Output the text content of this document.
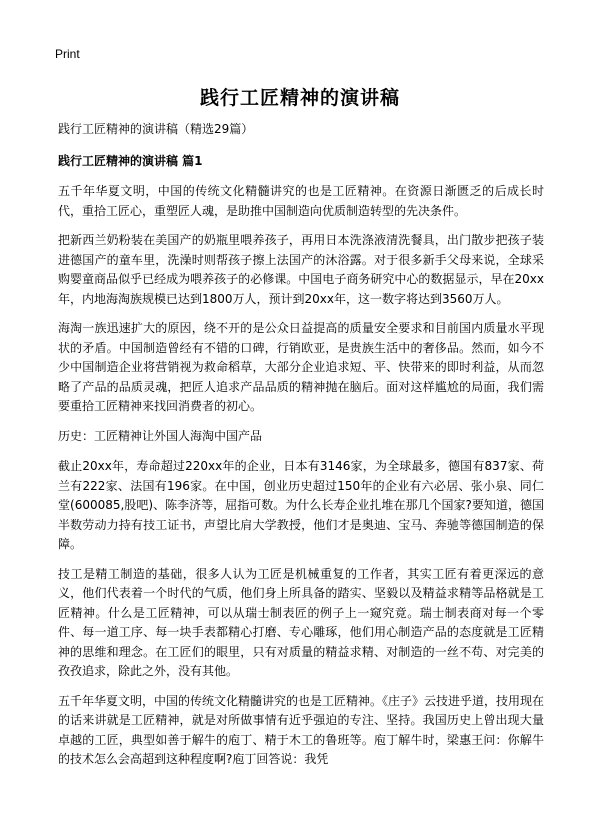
Print
践行工匠精神的演讲稿

践行工匠精神的演讲稿（精选29篇）

践行工匠精神的演讲稿 篇1

五千年华夏文明，中国的传统文化精髓讲究的也是工匠精神。在资源日渐匮乏的后成长时代，重拾工匠心，重塑匠人魂，是助推中国制造向优质制造转型的先决条件。

把新西兰奶粉装在美国产的奶瓶里喂养孩子，再用日本洗涤液清洗餐具，出门散步把孩子装进德国产的童车里，洗澡时则帮孩子擦上法国产的沐浴露。对于很多新手父母来说，全球采购婴童商品似乎已经成为喂养孩子的必修课。中国电子商务研究中心的数据显示，早在20xx年，内地海淘族规模已达到1800万人，预计到20xx年，这一数字将达到3560万人。

海淘一族迅速扩大的原因，绕不开的是公众日益提高的质量安全要求和目前国内质量水平现状的矛盾。中国制造曾经有不错的口碑，行销欧亚，是贵族生活中的奢侈品。然而，如今不少中国制造企业将营销视为救命稻草，大部分企业追求短、平、快带来的即时利益，从而忽略了产品的品质灵魂，把匠人追求产品品质的精神抛在脑后。面对这样尴尬的局面，我们需要重拾工匠精神来找回消费者的初心。

历史：工匠精神让外国人海淘中国产品

截止20xx年，寿命超过220xx年的企业，日本有3146家，为全球最多，德国有837家、荷兰有222家、法国有196家。在中国，创业历史超过150年的企业有六必居、张小泉、同仁堂(600085,股吧)、陈李济等，屈指可数。为什么长寿企业扎堆在那几个国家?要知道，德国半数劳动力持有技工证书，声望比肩大学教授，他们才是奥迪、宝马、奔驰等德国制造的保障。

技工是精工制造的基础，很多人认为工匠是机械重复的工作者，其实工匠有着更深远的意义，他们代表着一个时代的气质，他们身上所具备的踏实、坚毅以及精益求精等品格就是工匠精神。什么是工匠精神，可以从瑞士制表匠的例子上一窥究竟。瑞士制表商对每一个零件、每一道工序、每一块手表都精心打磨、专心雕琢，他们用心制造产品的态度就是工匠精神的思维和理念。在工匠们的眼里，只有对质量的精益求精、对制造的一丝不苟、对完美的孜孜追求，除此之外，没有其他。

五千年华夏文明，中国的传统文化精髓讲究的也是工匠精神。《庄子》云技进乎道，技用现在的话来讲就是工匠精神，就是对所做事情有近乎强迫的专注、坚持。我国历史上曾出现大量卓越的工匠，典型如善于解牛的庖丁、精于木工的鲁班等。庖丁解牛时，梁惠王问：你解牛的技术怎么会高超到这种程度啊?庖丁回答说：我凭
